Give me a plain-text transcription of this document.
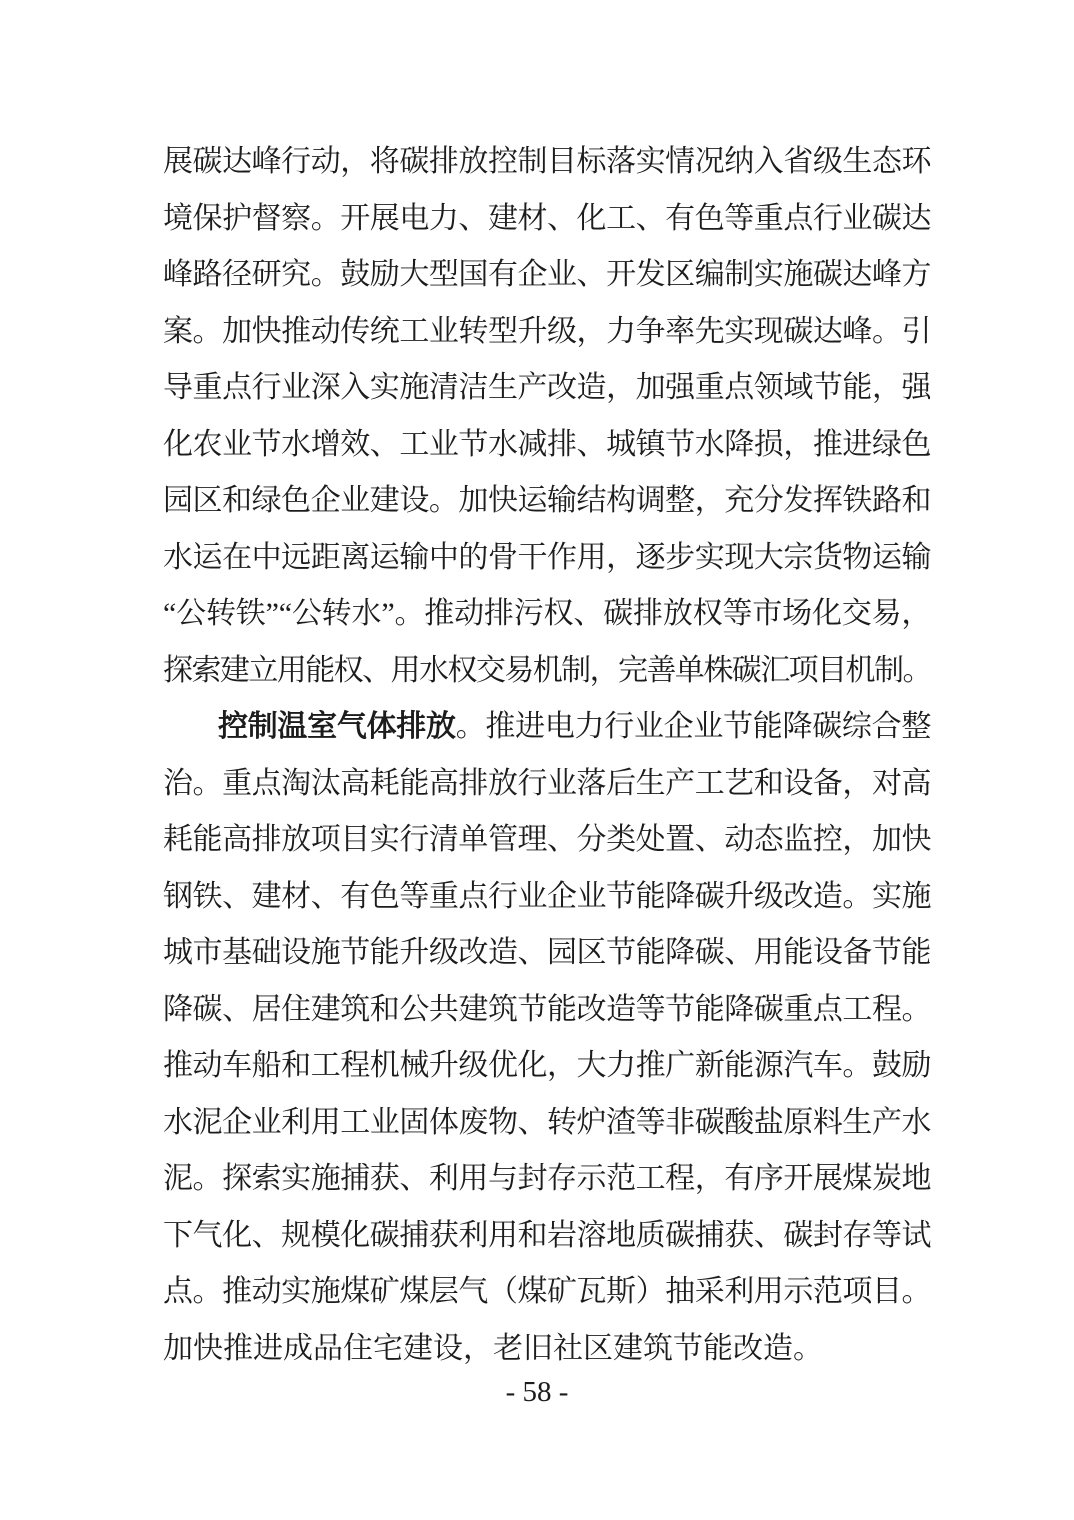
展碳达峰行动，将碳排放控制目标落实情况纳入省级生态环
境保护督察。开展电力、建材、化工、有色等重点行业碳达
峰路径研究。鼓励大型国有企业、开发区编制实施碳达峰方
案。加快推动传统工业转型升级，力争率先实现碳达峰。引
导重点行业深入实施清洁生产改造，加强重点领域节能，强
化农业节水增效、工业节水减排、城镇节水降损，推进绿色
园区和绿色企业建设。加快运输结构调整，充分发挥铁路和
水运在中远距离运输中的骨干作用，逐步实现大宗货物运输
“公转铁”“公转水”。推动排污权、碳排放权等市场化交易，
探索建立用能权、用水权交易机制，完善单株碳汇项目机制。
控制温室气体排放。推进电力行业企业节能降碳综合整
治。重点淘汰高耗能高排放行业落后生产工艺和设备，对高
耗能高排放项目实行清单管理、分类处置、动态监控，加快
钢铁、建材、有色等重点行业企业节能降碳升级改造。实施
城市基础设施节能升级改造、园区节能降碳、用能设备节能
降碳、居住建筑和公共建筑节能改造等节能降碳重点工程。
推动车船和工程机械升级优化，大力推广新能源汽车。鼓励
水泥企业利用工业固体废物、转炉渣等非碳酸盐原料生产水
泥。探索实施捕获、利用与封存示范工程，有序开展煤炭地
下气化、规模化碳捕获利用和岩溶地质碳捕获、碳封存等试
点。推动实施煤矿煤层气（煤矿瓦斯）抽采利用示范项目。
加快推进成品住宅建设，老旧社区建筑节能改造。
- 58 -
